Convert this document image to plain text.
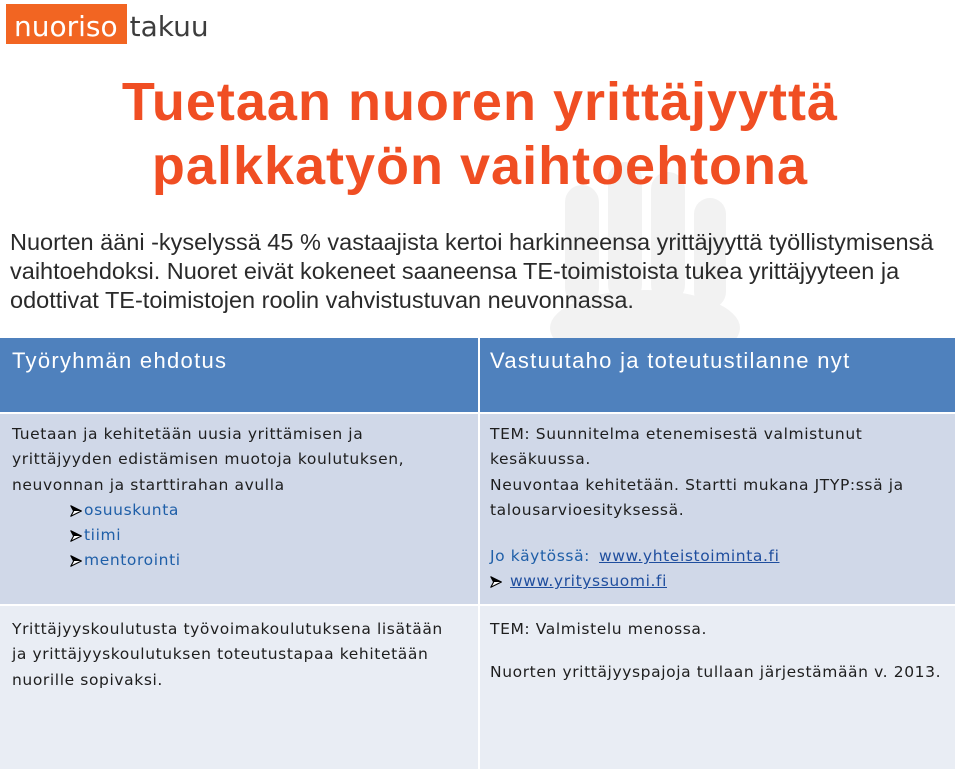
nuoriso takuu
Tuetaan nuoren yrittäjyyttä
palkkatyön vaihtoehtona
Nuorten ääni -kyselyssä 45 % vastaajista kertoi harkinneensa yrittäjyyttä työllistymisensä
vaihtoehdoksi. Nuoret eivät kokeneet saaneensa TE-toimistoista tukea yrittäjyyteen ja
odottivat TE-toimistojen roolin vahvistustuvan neuvonnassa.
Työryhmän ehdotus	Vastuutaho ja toteutustilanne nyt
Tuetaan ja kehitetään uusia yrittämisen ja
yrittäjyyden edistämisen muotoja koulutuksen,
neuvonnan ja starttirahan avulla
osuuskunta
tiimi
mentorointi
TEM: Suunnitelma etenemisestä valmistunut
kesäkuussa.
Neuvontaa kehitetään. Startti mukana JTYP:ssä ja
talousarvioesityksessä.
Jo käytössä: www.yhteistoiminta.fi
www.yrityssuomi.fi
Yrittäjyyskoulutusta työvoimakoulutuksena lisätään
ja yrittäjyyskoulutuksen toteutustapaa kehitetään
nuorille sopivaksi.
TEM: Valmistelu menossa.
Nuorten yrittäjyyspajoja tullaan järjestämään v. 2013.
